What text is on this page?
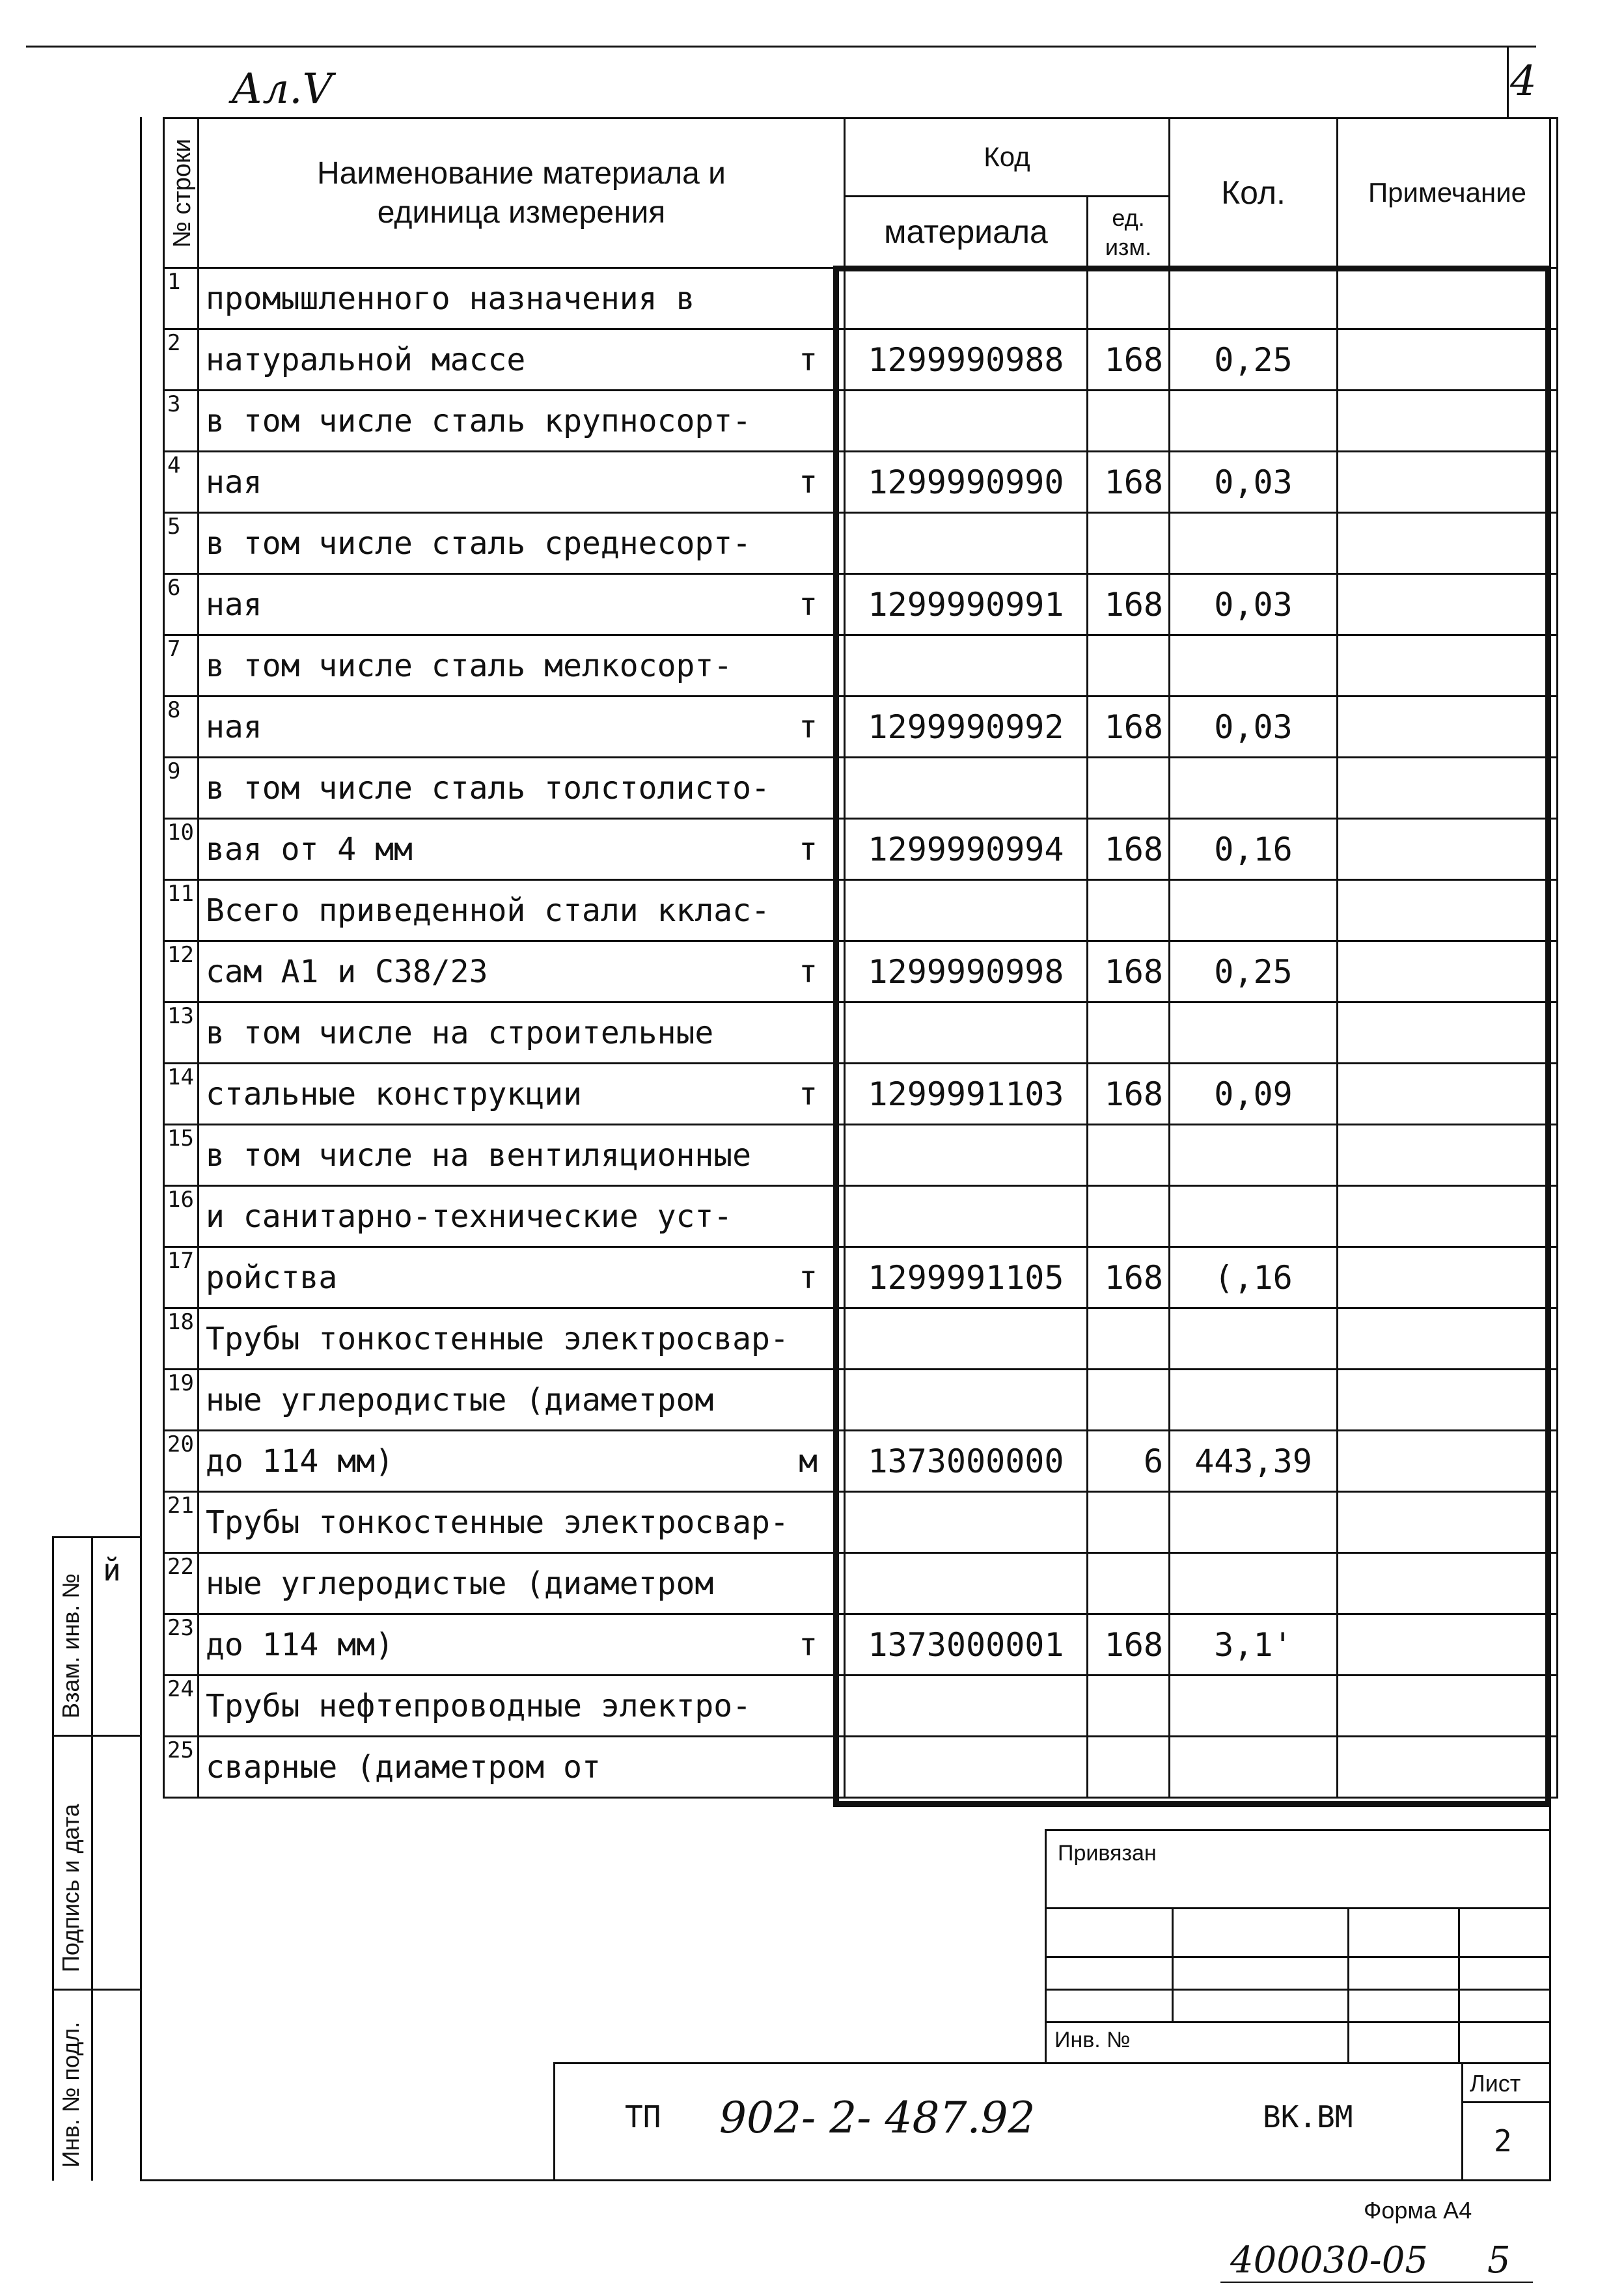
4
Ал.V
№ строки	Наименование материала и единица измерения	Код		Кол.	Примечание
		материала	ед. изм.		
1	промышленного назначения в				

2	натуральной массе т	1299990988	168	0,25	
3	в том числе сталь крупносорт-				

4	ная т	1299990990	168	0,03	
5	в том числе сталь среднесорт-				

6	ная т	1299990991	168	0,03	
7	в том числе сталь мелкосорт-				

8	ная т	1299990992	168	0,03	
9	в том числе сталь толстолисто-				

10	вая от 4 мм т	1299990994	168	0,16	
11	Всего приведенной стали кклас-				

12	сам А1 и С38/23 т	1299990998	168	0,25	
13	в том числе на строительные				

14	стальные конструкции т	1299991103	168	0,09	
15	в том числе на вентиляционные				

16	и санитарно-технические уст-				

17	ройства т	1299991105	168	(,16	
18	Трубы тонкостенные электросвар-				

19	ные углеродистые (диаметром				

20	до 114 мм) м	1373000000	6	443,39	
21	Трубы тонкостенные электросвар-				

22	ные углеродистые (диаметром				

23	до 114 мм) т	1373000001	168	3,1'	
24	Трубы нефтепроводные электро-				

25	сварные (диаметром от				

Взам. инв. №
й
Подпись и дата
Инв. № подл.
Привязан
Инв. №
ТП 902- 2- 487.92	ВК.ВМ
Лист
2
Форма A4
400030-05 5
